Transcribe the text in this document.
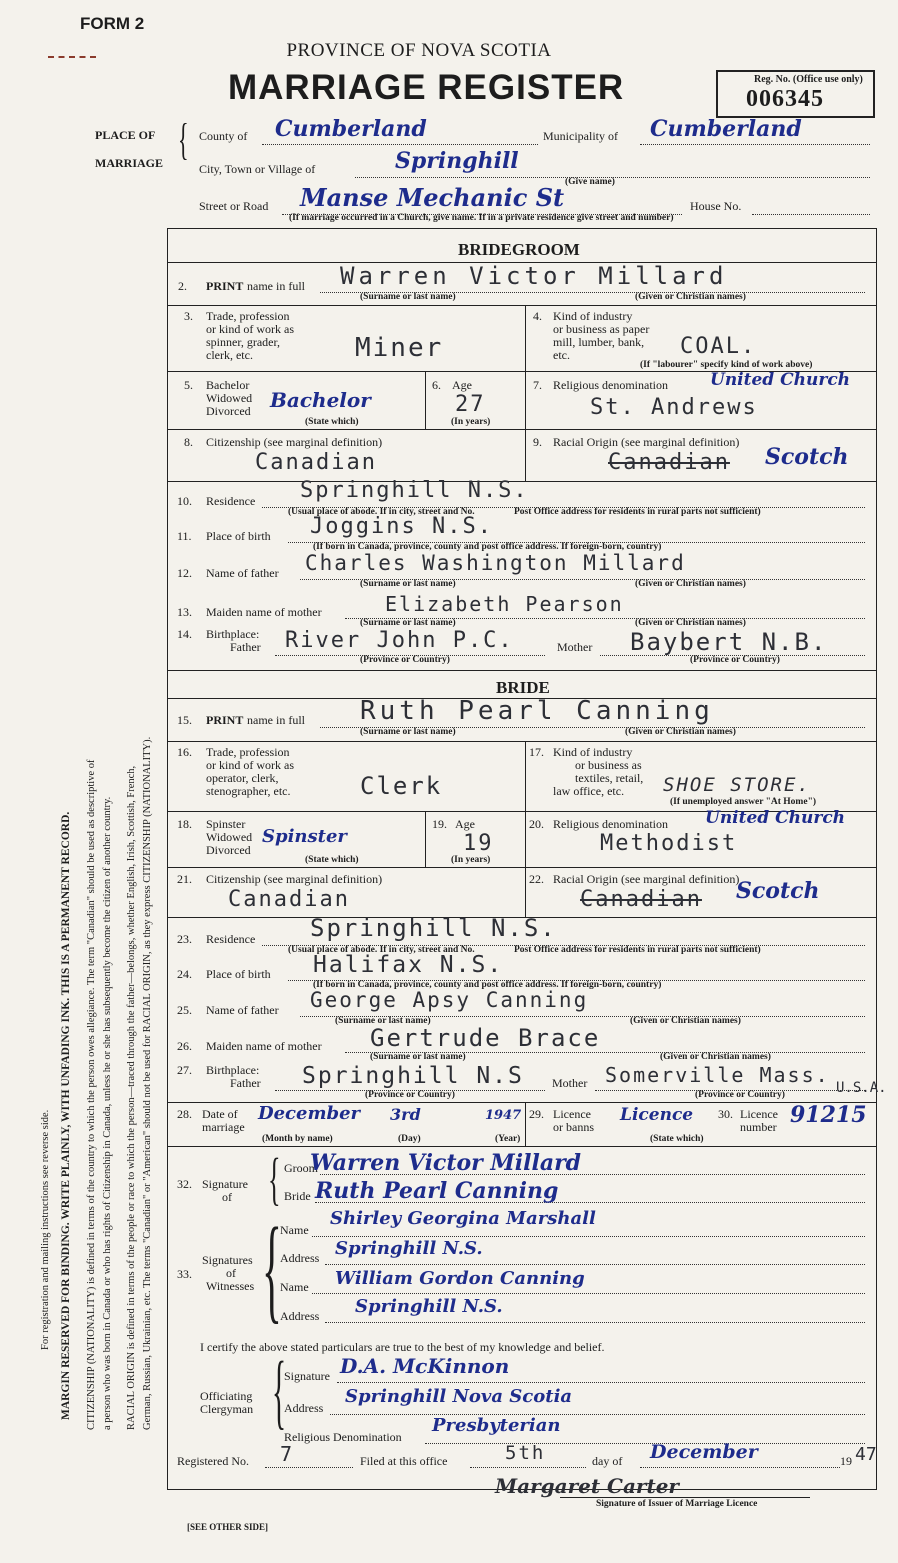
FORM 2
PROVINCE OF NOVA SCOTIA
MARRIAGE REGISTER	Reg. No. (Office use only)
006345
For registration and mailing instructions see reverse side. MARGIN RESERVED FOR BINDING. WRITE PLAINLY, WITH UNFADING INK. THIS IS A PERMANENT RECORD. CITIZENSHIP (NATIONALITY) is defined in terms of the country to which the person owes allegiance. The term "Canadian" should be used as descriptive of a person who was born in Canada or who has rights of Citizenship in Canada, unless he or she has subsequently become the citizen of another country. RACIAL ORIGIN is defined in terms of the people or race to which the person—traced through the father—belongs, whether English, Irish, Scottish, French, German, Russian, Ukrainian, etc. The terms "Canadian" or "American" should not be used for RACIAL ORIGIN, as they express CITIZENSHIP (NATIONALITY).
PLACE OF
MARRIAGE { County of Cumberland	Municipality of Cumberland
City, Town or Village of	Springhill
(Give name)
Street or Road Manse Mechanic St	House No.
(If marriage occurred in a Church, give name. If in a private residence give street and number)
BRIDEGROOM
2. PRINT name in full Warren Victor Millard
(Surname or last name)	(Given or Christian names)
3. Trade, profession
or kind of work as
spinner, grader,
clerk, etc.	Miner
4. Kind of industry
or business as paper
mill, lumber, bank,
etc.	COAL.
(If "labourer" specify kind of work above)
5. Bachelor
Widowed
Divorced Bachelor
(State which)
6. Age
27
(In years)
7. Religious denomination United Church
St. Andrews
8. Citizenship (see marginal definition)
Canadian
9. Racial Origin (see marginal definition)
Canadian Scotch
10. Residence Springhill N.S.
(Usual place of abode. If in city, street and No.	Post Office address for residents in rural parts not sufficient)
11. Place of birth Joggins N.S.
(If born in Canada, province, county and post office address. If foreign-born, country)
12. Name of father Charles Washington Millard
(Surname or last name)	(Given or Christian names)
13. Maiden name of mother	Elizabeth Pearson
(Surname or last name)	(Given or Christian names)
14. Birthplace:
Father River John P.C.	Mother Baybert N.B.
(Province or Country)	(Province or Country)
BRIDE
15. PRINT name in full Ruth Pearl Canning
(Surname or last name)	(Given or Christian names)
16. Trade, profession
or kind of work as
operator, clerk,
stenographer, etc.	Clerk
17. Kind of industry
or business as
textiles, retail,
law office, etc. SHOE STORE.
(If unemployed answer "At Home")
18. Spinster
Widowed
Divorced
Spinster
(State which)
19. Age
19
(In years)
20. Religious denomination United Church
Methodist
21. Citizenship (see marginal definition)
Canadian
22. Racial Origin (see marginal definition)
Canadian Scotch
23. Residence Springhill N.S.
(Usual place of abode. If in city, street and No.	Post Office address for residents in rural parts not sufficient)
24. Place of birth Halifax N.S.
(If born in Canada, province, county and post office address. If foreign-born, country)
25. Name of father George Apsy Canning
(Surname or last name)	(Given or Christian names)
26. Maiden name of mother Gertrude Brace
(Surname or last name)	(Given or Christian names)
27. Birthplace:
Father Springhill N.S Mother Somerville Mass.
U.S.A.
(Province or Country)	(Province or Country)
28. Date of
marriage
December 3rd	1947
(Month by name)	(Day)	(Year)
29. Licence
or banns
Licence
(State which)
30. Licence
number 91215
32. Signature
of { Groom
Warren Victor Millard
Bride Ruth Pearl Canning
33.
Signatures
of
Witnesses {
Name
Shirley Georgina Marshall
Address Springhill N.S.
Name William Gordon Canning
Address Springhill N.S.
I certify the above stated particulars are true to the best of my knowledge and belief.
Officiating
Clergyman {
Signature D.A. McKinnon
Address
Springhill Nova Scotia
Religious Denomination
Presbyterian
Registered No. 7	Filed at this office	5th	day of December	19 47
Margaret Carter
Signature of Issuer of Marriage Licence
[SEE OTHER SIDE]
